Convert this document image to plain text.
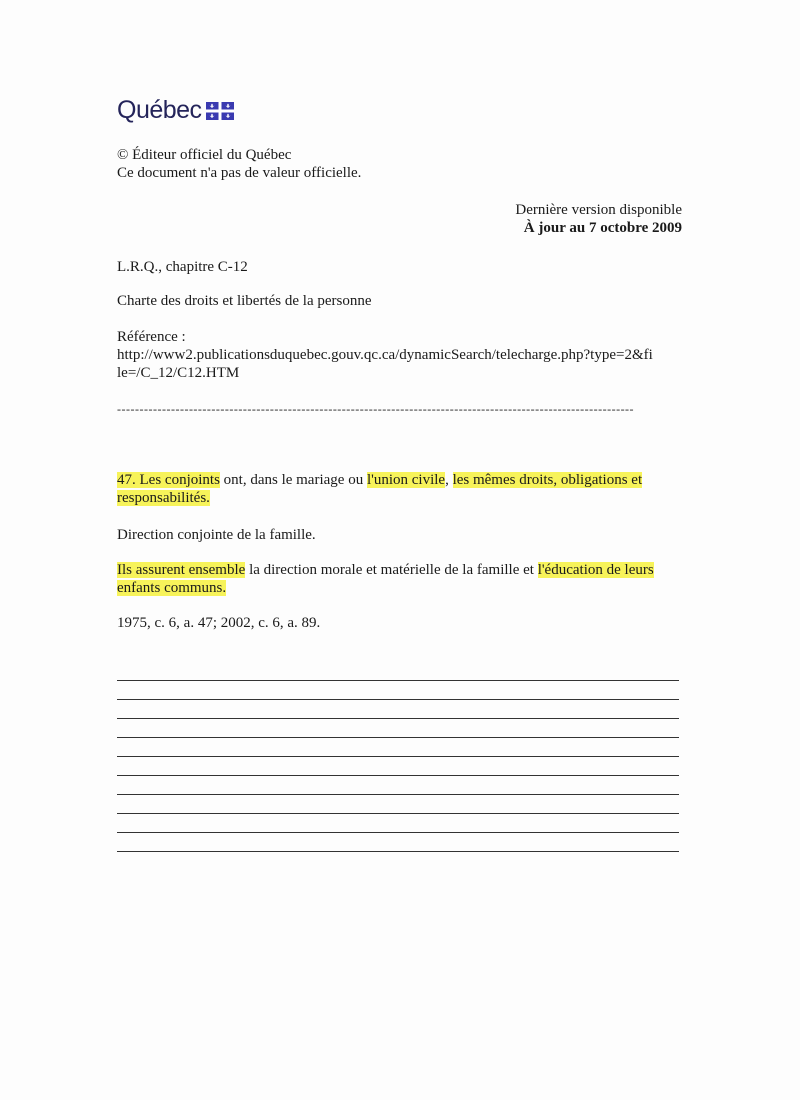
Québec
© Éditeur officiel du Québec
Ce document n'a pas de valeur officielle.
Dernière version disponible
À jour au 7 octobre 2009
L.R.Q., chapitre C-12
Charte des droits et libertés de la personne
Référence :
http://www2.publicationsduquebec.gouv.qc.ca/dynamicSearch/telecharge.php?type=2&fi
le=/C_12/C12.HTM
-------------------------------------------------------------------------------------------------------------------
47. Les conjoints ont, dans le mariage ou l'union civile, les mêmes droits, obligations et responsabilités.
Direction conjointe de la famille.
Ils assurent ensemble la direction morale et matérielle de la famille et l'éducation de leurs enfants communs.
1975, c. 6, a. 47; 2002, c. 6, a. 89.
